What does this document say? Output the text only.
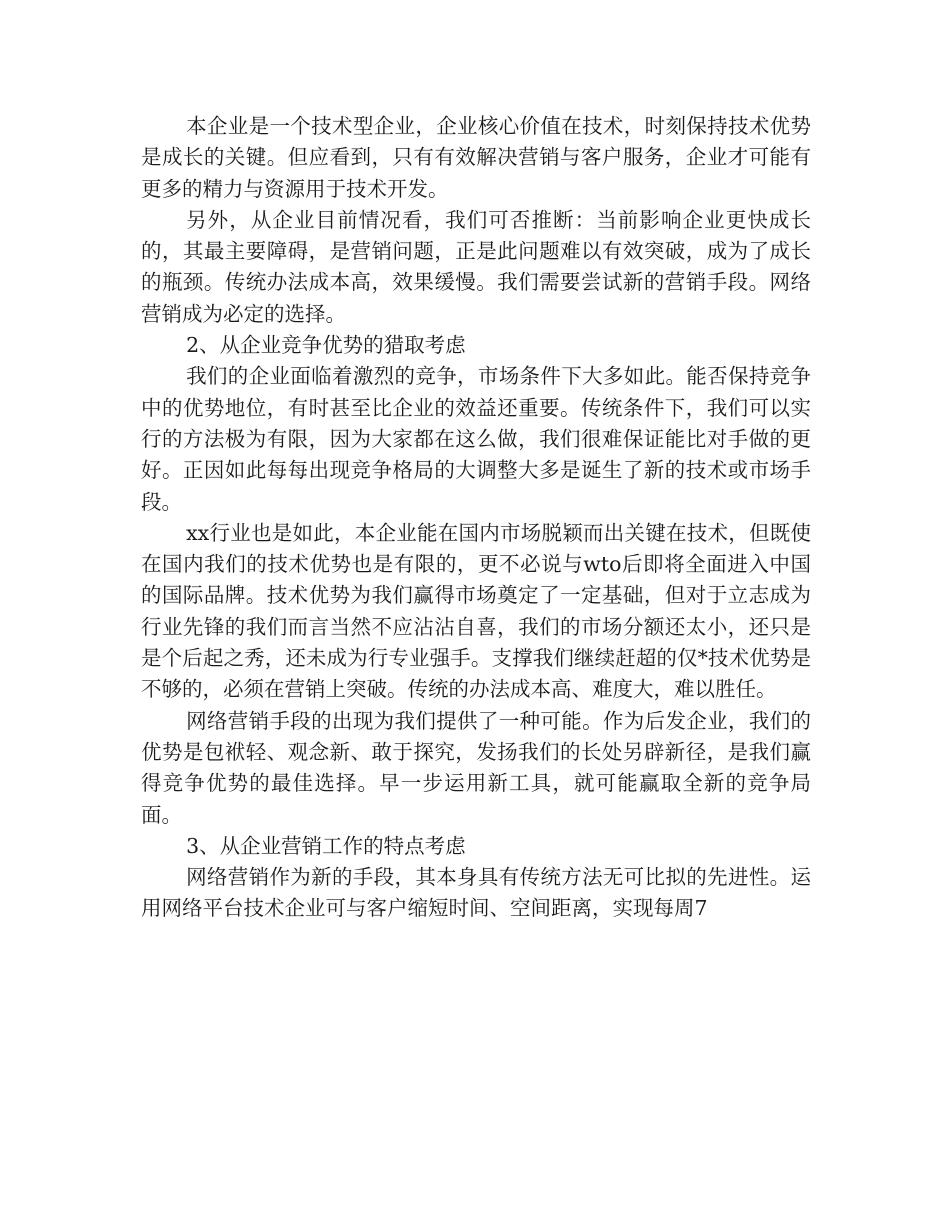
本企业是一个技术型企业，企业核心价值在技术，时刻保持技术优势是成长的关键。但应看到，只有有效解决营销与客户服务，企业才可能有更多的精力与资源用于技术开发。

另外，从企业目前情况看，我们可否推断：当前影响企业更快成长的，其最主要障碍，是营销问题，正是此问题难以有效突破，成为了成长的瓶颈。传统办法成本高，效果缓慢。我们需要尝试新的营销手段。网络营销成为必定的选择。

2、从企业竞争优势的猎取考虑

我们的企业面临着激烈的竞争，市场条件下大多如此。能否保持竞争中的优势地位，有时甚至比企业的效益还重要。传统条件下，我们可以实行的方法极为有限，因为大家都在这么做，我们很难保证能比对手做的更好。正因如此每每出现竞争格局的大调整大多是诞生了新的技术或市场手段。

xx行业也是如此，本企业能在国内市场脱颖而出关键在技术，但既使在国内我们的技术优势也是有限的，更不必说与wto后即将全面进入中国的国际品牌。技术优势为我们赢得市场奠定了一定基础，但对于立志成为行业先锋的我们而言当然不应沾沾自喜，我们的市场分额还太小，还只是是个后起之秀，还未成为行专业强手。支撑我们继续赶超的仅*技术优势是不够的，必须在营销上突破。传统的办法成本高、难度大，难以胜任。

网络营销手段的出现为我们提供了一种可能。作为后发企业，我们的优势是包袱轻、观念新、敢于探究，发扬我们的长处另辟新径，是我们赢得竞争优势的最佳选择。早一步运用新工具，就可能赢取全新的竞争局面。

3、从企业营销工作的特点考虑

网络营销作为新的手段，其本身具有传统方法无可比拟的先进性。运用网络平台技术企业可与客户缩短时间、空间距离，实现每周7
